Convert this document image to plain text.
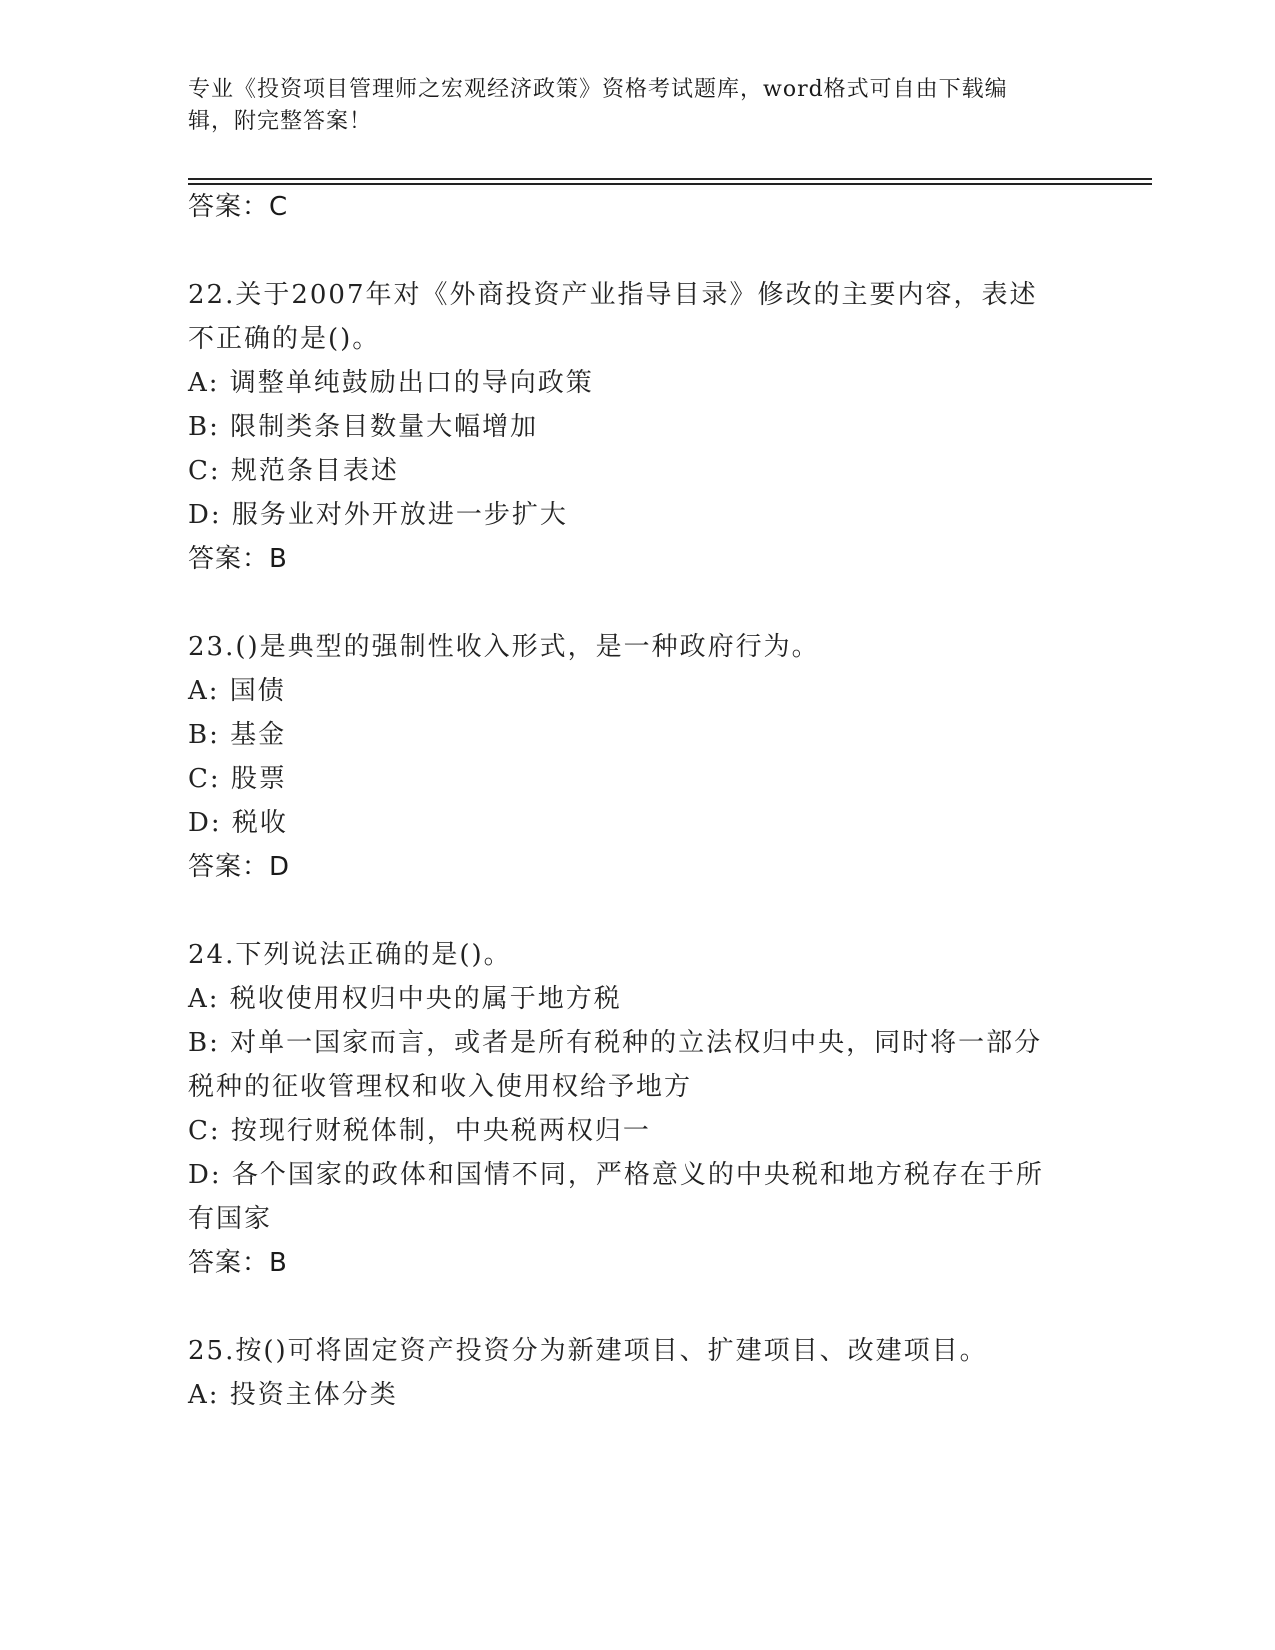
专业《投资项目管理师之宏观经济政策》资格考试题库，word格式可自由下载编
辑，附完整答案！
答案：C
22.关于2007年对《外商投资产业指导目录》修改的主要内容，表述
不正确的是()。
A: 调整单纯鼓励出口的导向政策
B: 限制类条目数量大幅增加
C: 规范条目表述
D: 服务业对外开放进一步扩大
答案：B
23.()是典型的强制性收入形式，是一种政府行为。
A: 国债
B: 基金
C: 股票
D: 税收
答案：D
24.下列说法正确的是()。
A: 税收使用权归中央的属于地方税
B: 对单一国家而言，或者是所有税种的立法权归中央，同时将一部分
税种的征收管理权和收入使用权给予地方
C: 按现行财税体制，中央税两权归一
D: 各个国家的政体和国情不同，严格意义的中央税和地方税存在于所
有国家
答案：B
25.按()可将固定资产投资分为新建项目、扩建项目、改建项目。
A: 投资主体分类
